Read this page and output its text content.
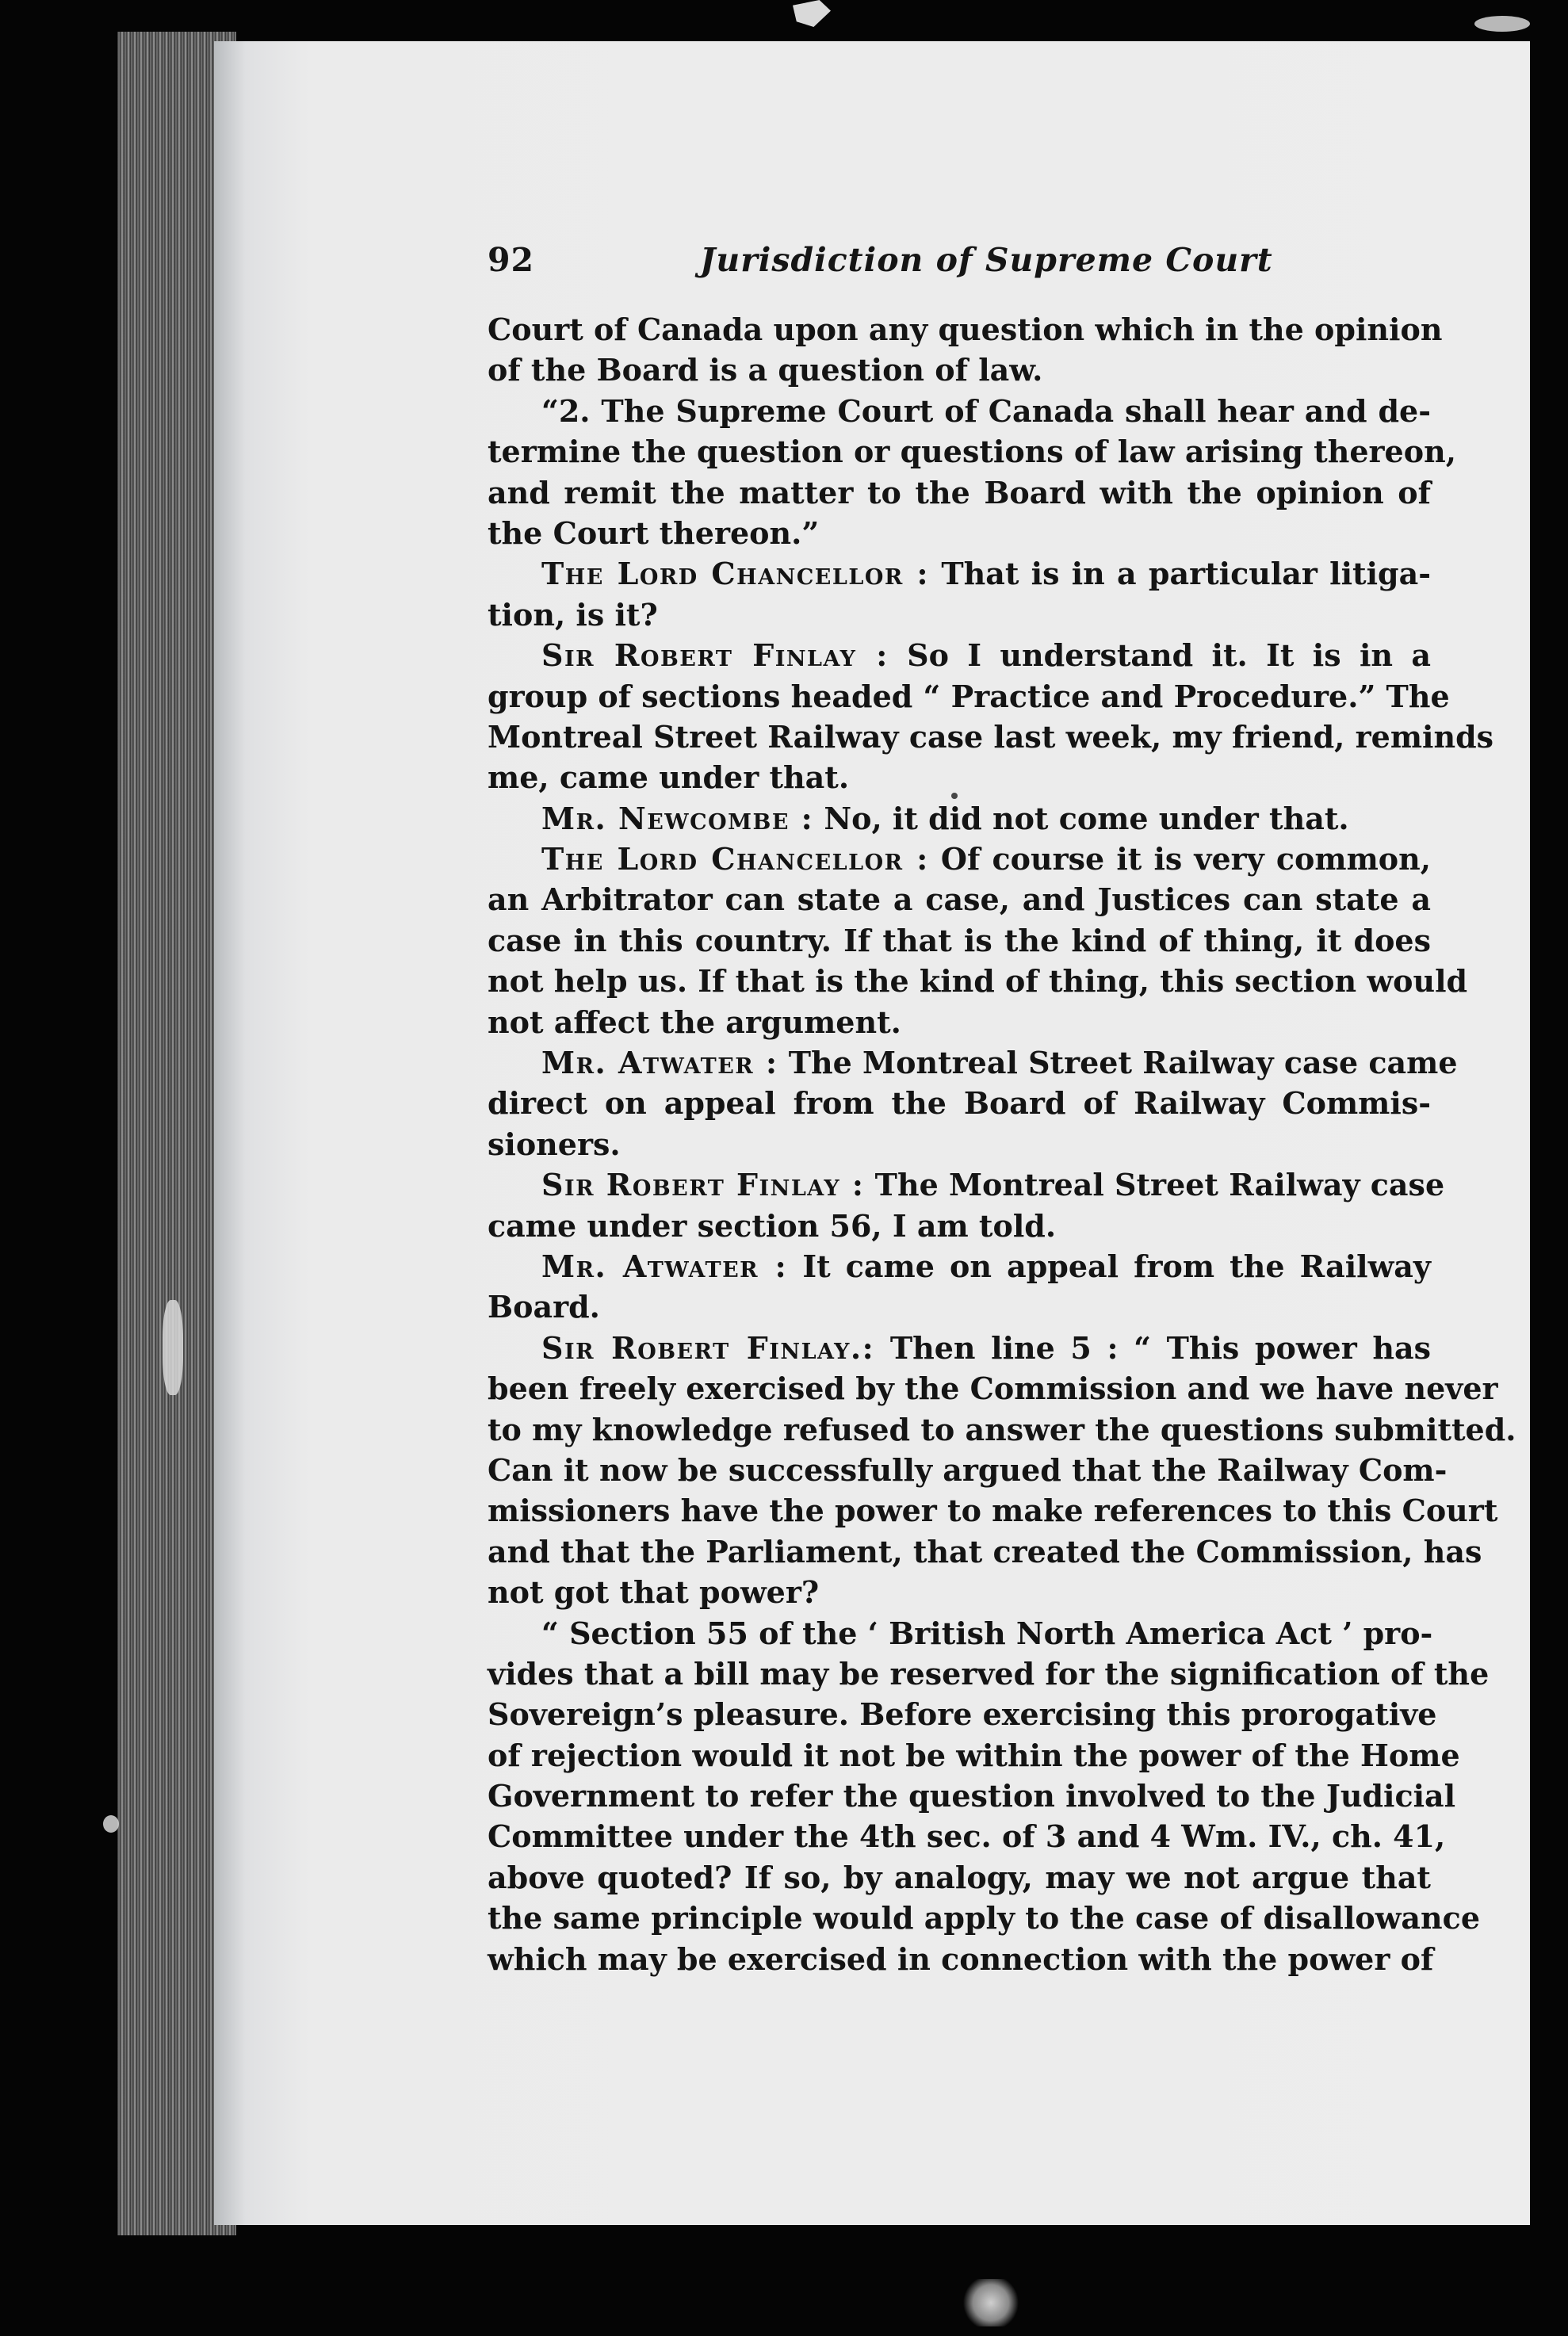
92	Jurisdiction of Supreme Court
Court of Canada upon any question which in the opinion
of the Board is a question of law.
“2. The Supreme Court of Canada shall hear and de-
termine the question or questions of law arising thereon,
and remit the matter to the Board with the opinion of
the Court thereon.”
The Lord Chancellor : That is in a particular litiga-
tion, is it?
Sir Robert Finlay : So I understand it. It is in a
group of sections headed “ Practice and Procedure.” The
Montreal Street Railway case last week, my friend, reminds
me, came under that.
Mr. Newcombe : No, it did not come under that.
The Lord Chancellor : Of course it is very common,
an Arbitrator can state a case, and Justices can state a
case in this country. If that is the kind of thing, it does
not help us. If that is the kind of thing, this section would
not affect the argument.
Mr. Atwater : The Montreal Street Railway case came
direct on appeal from the Board of Railway Commis-
sioners.
Sir Robert Finlay : The Montreal Street Railway case
came under section 56, I am told.
Mr. Atwater : It came on appeal from the Railway
Board.
Sir Robert Finlay.: Then line 5 : “ This power has
been freely exercised by the Commission and we have never
to my knowledge refused to answer the questions submitted.
Can it now be successfully argued that the Railway Com-
missioners have the power to make references to this Court
and that the Parliament, that created the Commission, has
not got that power?
“ Section 55 of the ‘ British North America Act ’ pro-
vides that a bill may be reserved for the signification of the
Sovereign’s pleasure. Before exercising this prorogative
of rejection would it not be within the power of the Home
Government to refer the question involved to the Judicial
Committee under the 4th sec. of 3 and 4 Wm. IV., ch. 41,
above quoted? If so, by analogy, may we not argue that
the same principle would apply to the case of disallowance
which may be exercised in connection with the power of
